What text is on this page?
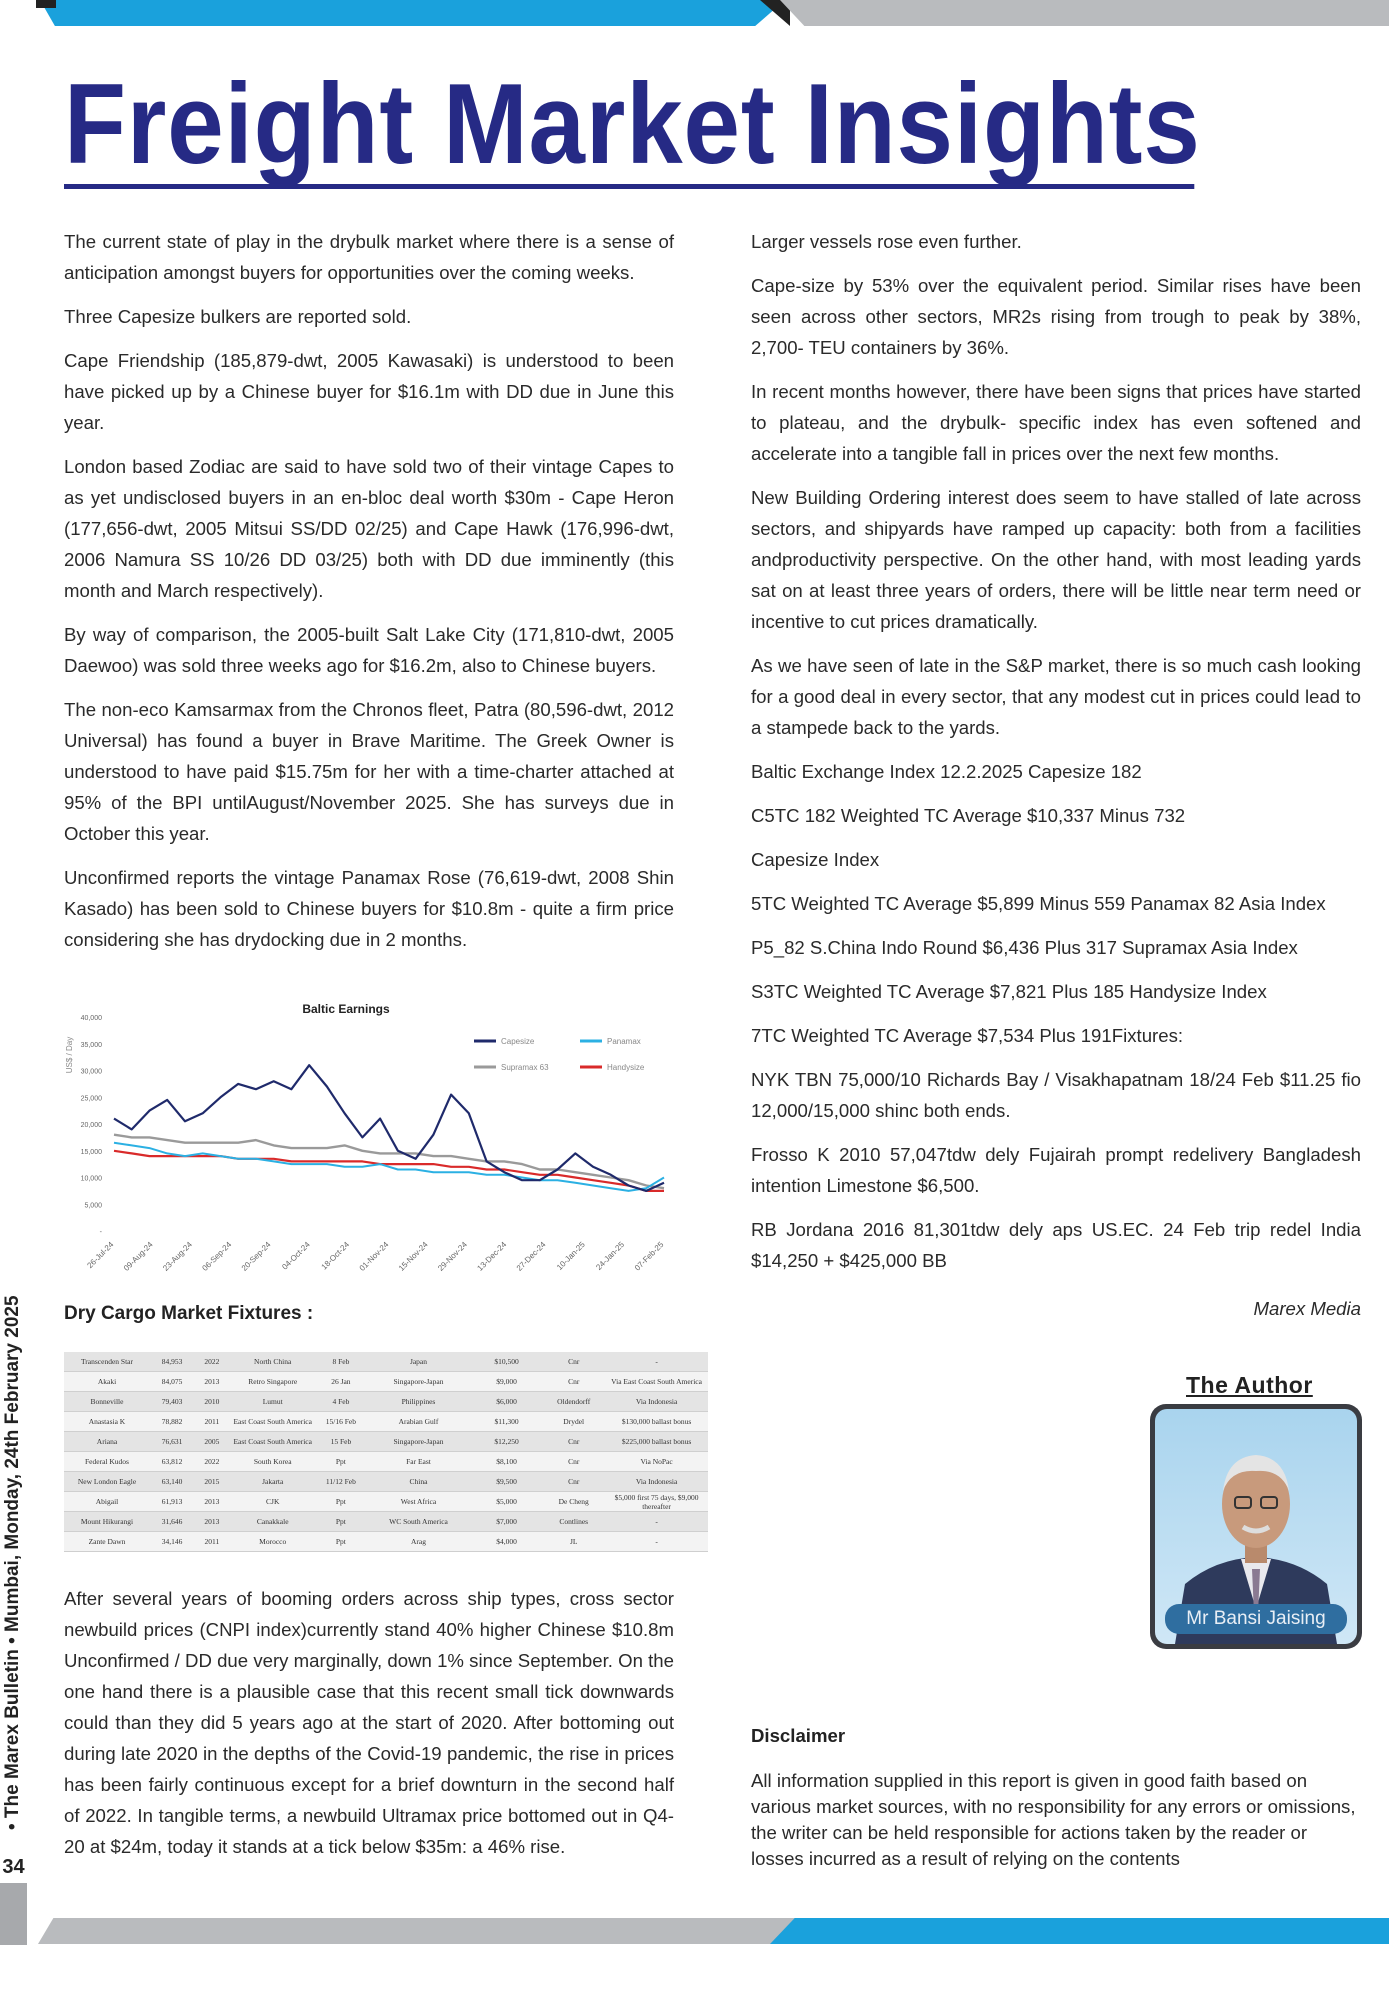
Freight Market Insights

The current state of play in the drybulk market where there is a sense of anticipation amongst buyers for opportunities over the coming weeks.

Three Capesize bulkers are reported sold.

Cape Friendship (185,879-dwt, 2005 Kawasaki) is understood to been have picked up by a Chinese buyer for $16.1m with DD due in June this year.

London based Zodiac are said to have sold two of their vintage Capes to as yet undisclosed buyers in an en-bloc deal worth $30m - Cape Heron (177,656-dwt, 2005 Mitsui SS/DD 02/25) and Cape Hawk (176,996-dwt, 2006 Namura SS 10/26 DD 03/25) both with DD due imminently (this month and March respectively).

By way of comparison, the 2005-built Salt Lake City (171,810-dwt, 2005 Daewoo) was sold three weeks ago for $16.2m, also to Chinese buyers.

The non-eco Kamsarmax from the Chronos fleet, Patra (80,596-dwt, 2012 Universal) has found a buyer in Brave Maritime. The Greek Owner is understood to have paid $15.75m for her with a time-charter attached at 95% of the BPI untilAugust/November 2025. She has surveys due in October this year.

Unconfirmed reports the vintage Panamax Rose (76,619-dwt, 2008 Shin Kasado) has been sold to Chinese buyers for $10.8m - quite a firm price considering she has drydocking due in 2 months.

Baltic Earnings
US$ / Day
40,000
35,000
30,000
25,000
20,000
15,000
10,000
5,000
-
26-Jul-24 09-Aug-24 23-Aug-24 06-Sep-24 20-Sep-24 04-Oct-24 18-Oct-24 01-Nov-24 15-Nov-24 29-Nov-24 13-Dec-24 27-Dec-24 10-Jan-25 24-Jan-25 07-Feb-25
Capesize	Panamax
Supramax 63	Handysize
Dry Cargo Market Fixtures :
Transcenden Star	84,953	2022	North China	8 Feb	Japan	$10,500	Cnr	-
Akaki	84,075	2013	Retro Singapore	26 Jan	Singapore-Japan	$9,000	Cnr	Via East Coast South America
Bonneville	79,403	2010	Lumut	4 Feb	Philippines	$6,000	Oldendorff	Via Indonesia
Anastasia K	78,882	2011	East Coast South America	15/16 Feb	Arabian Gulf	$11,300	Drydel	$130,000 ballast bonus
Ariana	76,631	2005	East Coast South America	15 Feb	Singapore-Japan	$12,250	Cnr	$225,000 ballast bonus
Federal Kudos	63,812	2022	South Korea	Ppt	Far East	$8,100	Cnr	Via NoPac
New London Eagle	63,140	2015	Jakarta	11/12 Feb	China	$9,500	Cnr	Via Indonesia
Abigail	61,913	2013	CJK	Ppt	West Africa	$5,000	De Cheng	$5,000 first 75 days, $9,000 thereafter
Mount Hikurangi	31,646	2013	Canakkale	Ppt	WC South America	$7,000	Contlines	-
Zante Dawn	34,146	2011	Morocco	Ppt	Arag	$4,000	JL	-

After several years of booming orders across ship types, cross sector newbuild prices (CNPI index)currently stand 40% higher Chinese $10.8m Unconfirmed / DD due very marginally, down 1% since September. On the one hand there is a plausible case that this recent small tick downwards could than they did 5 years ago at the start of 2020. After bottoming out during late 2020 in the depths of the Covid-19 pandemic, the rise in prices has been fairly continuous except for a brief downturn in the second half of 2022. In tangible terms, a newbuild Ultramax price bottomed out in Q4-20 at $24m, today it stands at a tick below $35m: a 46% rise.

Larger vessels rose even further.

Cape-size by 53% over the equivalent period. Similar rises have been seen across other sectors, MR2s rising from trough to peak by 38%, 2,700- TEU containers by 36%.

In recent months however, there have been signs that prices have started to plateau, and the drybulk- specific index has even softened and accelerate into a tangible fall in prices over the next few months.

New Building Ordering interest does seem to have stalled of late across sectors, and shipyards have ramped up capacity: both from a facilities andproductivity perspective. On the other hand, with most leading yards sat on at least three years of orders, there will be little near term need or incentive to cut prices dramatically.

As we have seen of late in the S&P market, there is so much cash looking for a good deal in every sector, that any modest cut in prices could lead to a stampede back to the yards.

Baltic Exchange Index 12.2.2025 Capesize 182

C5TC 182 Weighted TC Average $10,337 Minus 732

Capesize Index

5TC Weighted TC Average $5,899 Minus 559 Panamax 82 Asia Index

P5_82 S.China Indo Round $6,436 Plus 317 Supramax Asia Index

S3TC Weighted TC Average $7,821 Plus 185 Handysize Index

7TC Weighted TC Average $7,534 Plus 191Fixtures:

NYK TBN 75,000/10 Richards Bay / Visakhapatnam 18/24 Feb $11.25 fio 12,000/15,000 shinc both ends.

Frosso K 2010 57,047tdw dely Fujairah prompt redelivery Bangladesh intention Limestone $6,500.

RB Jordana 2016 81,301tdw dely aps US.EC. 24 Feb trip redel India $14,250 + $425,000 BB

Marex Media
The Author
Mr Bansi Jaising
Disclaimer
All information supplied in this report is given in good faith based on various market sources, with no responsibility for any errors or omissions, the writer can be held responsible for actions taken by the reader or losses incurred as a result of relying on the contents
• The Marex Bulletin • Mumbai, Monday, 24th February 2025
34
